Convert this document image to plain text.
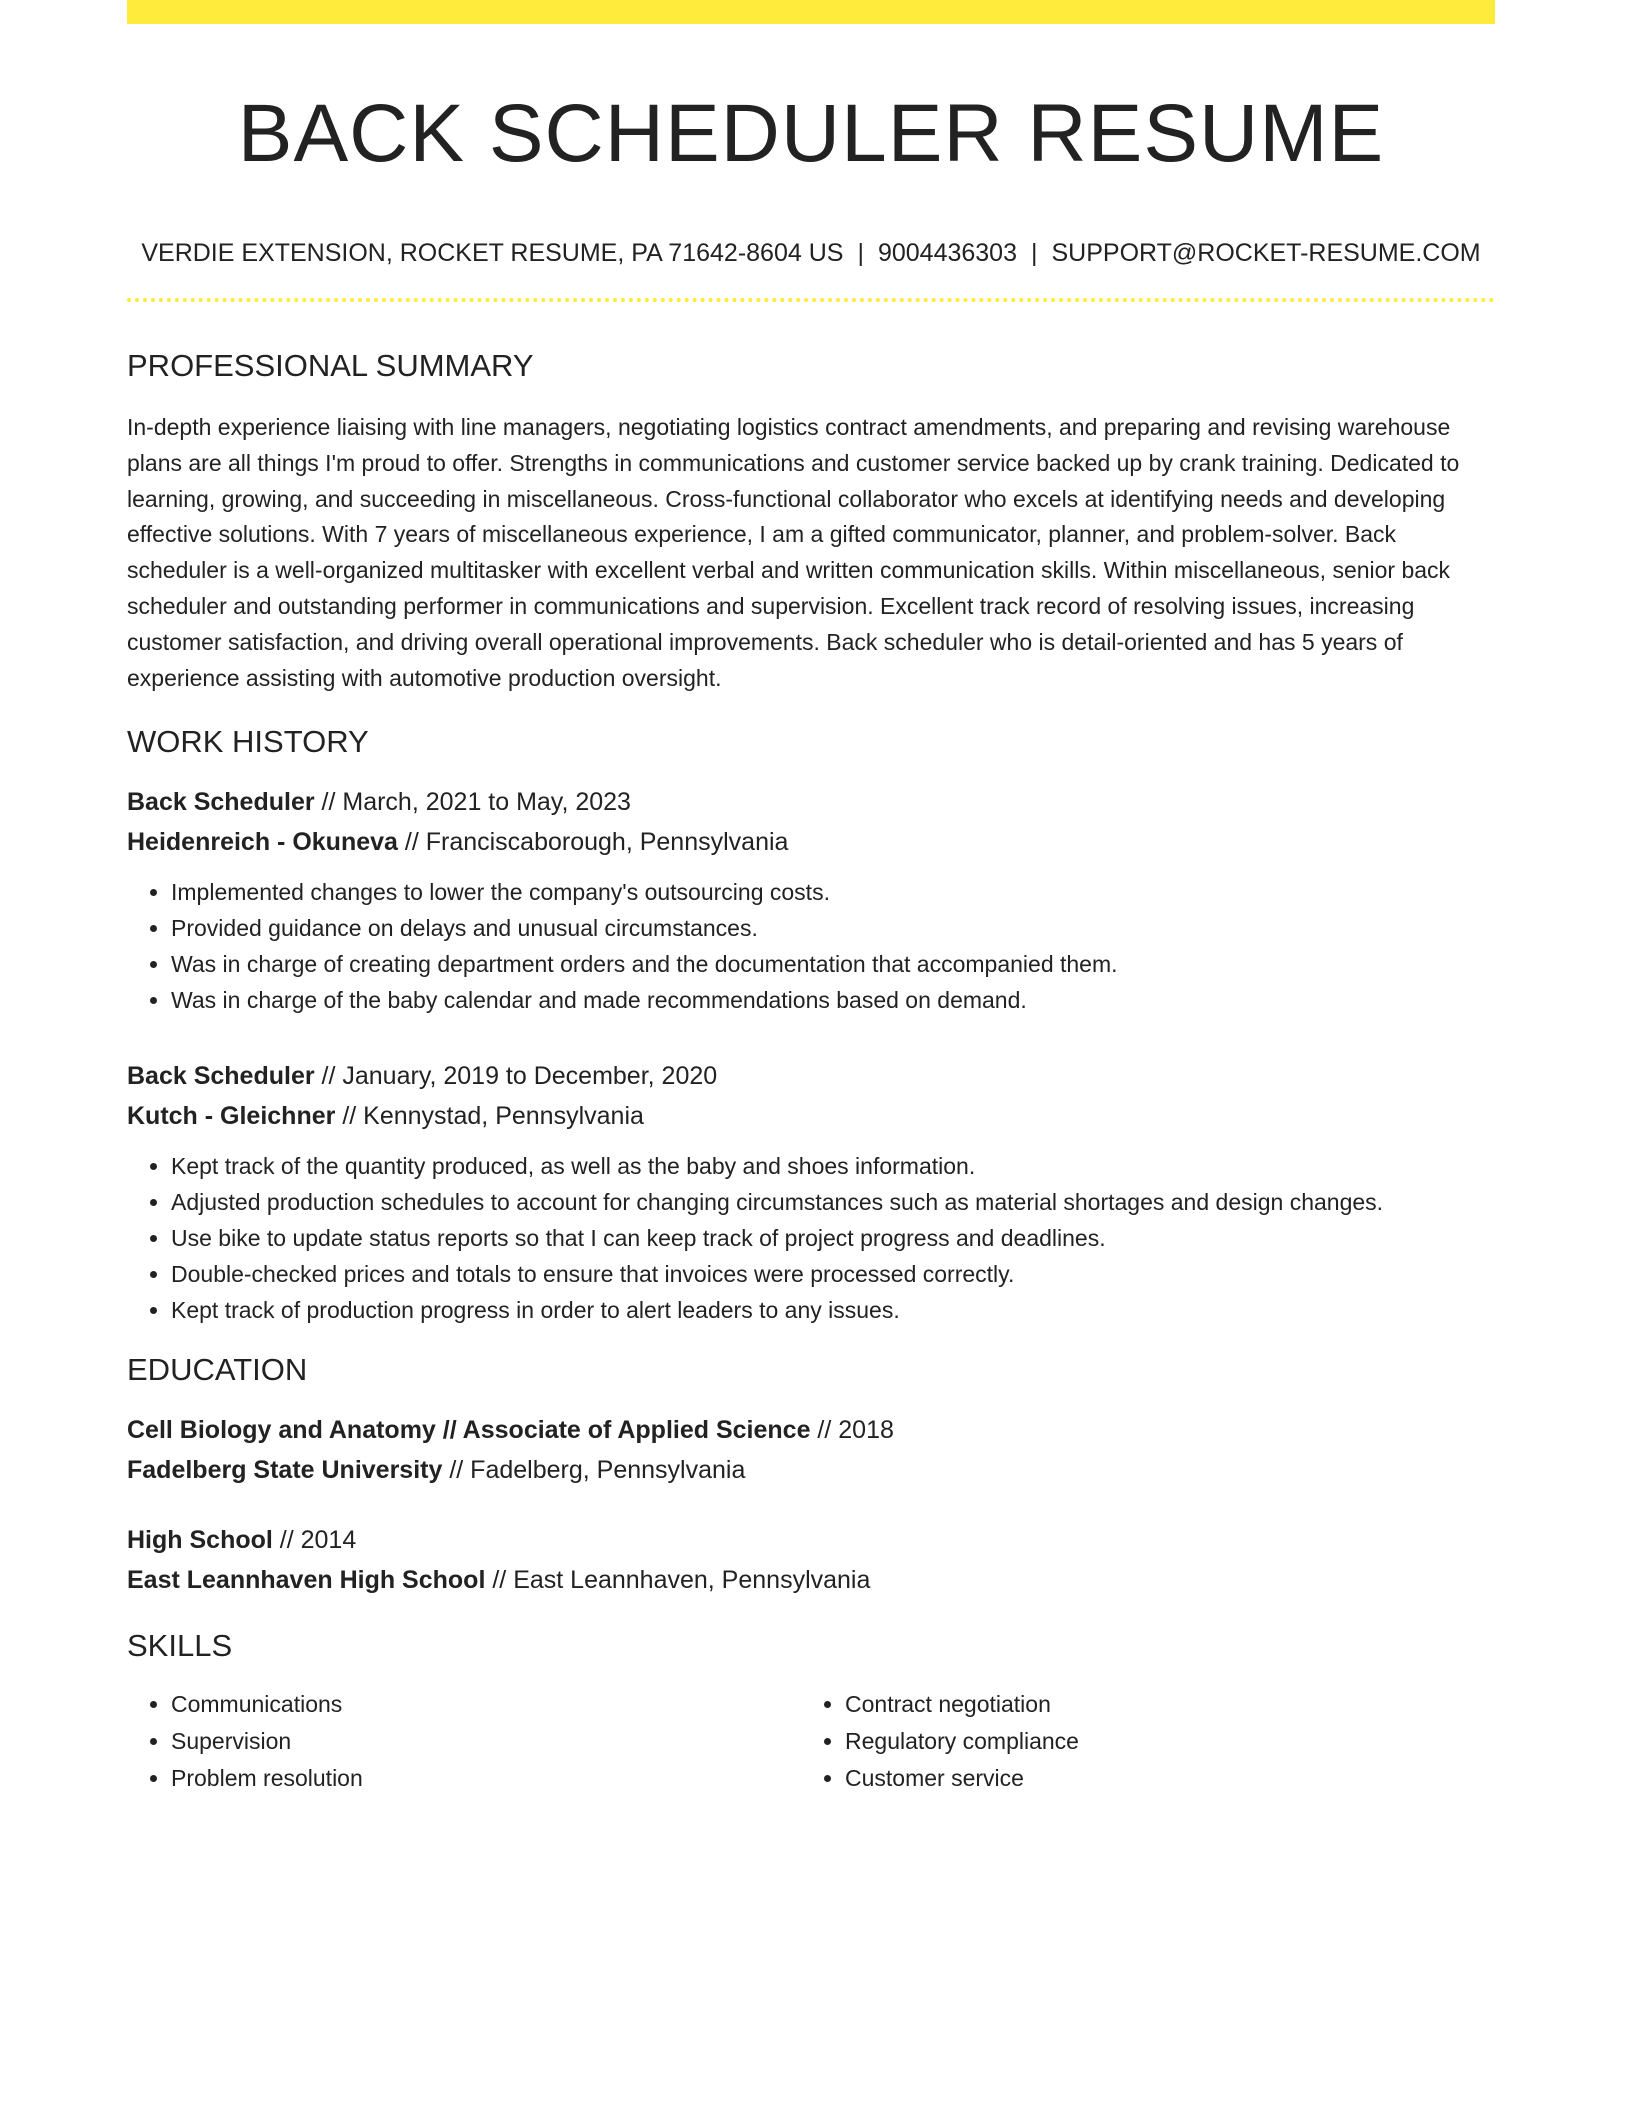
BACK SCHEDULER RESUME
VERDIE EXTENSION, ROCKET RESUME, PA 71642-8604 US | 9004436303 | SUPPORT@ROCKET-RESUME.COM
PROFESSIONAL SUMMARY

In-depth experience liaising with line managers, negotiating logistics contract amendments, and preparing and revising warehouse plans are all things I'm proud to offer. Strengths in communications and customer service backed up by crank training. Dedicated to learning, growing, and succeeding in miscellaneous. Cross-functional collaborator who excels at identifying needs and developing effective solutions. With 7 years of miscellaneous experience, I am a gifted communicator, planner, and problem-solver. Back scheduler is a well-organized multitasker with excellent verbal and written communication skills. Within miscellaneous, senior back scheduler and outstanding performer in communications and supervision. Excellent track record of resolving issues, increasing customer satisfaction, and driving overall operational improvements. Back scheduler who is detail-oriented and has 5 years of experience assisting with automotive production oversight.

WORK HISTORY

Back Scheduler // March, 2021 to May, 2023

Heidenreich - Okuneva // Franciscaborough, Pennsylvania

• Implemented changes to lower the company's outsourcing costs.
• Provided guidance on delays and unusual circumstances.
• Was in charge of creating department orders and the documentation that accompanied them.
• Was in charge of the baby calendar and made recommendations based on demand.

Back Scheduler // January, 2019 to December, 2020

Kutch - Gleichner // Kennystad, Pennsylvania

• Kept track of the quantity produced, as well as the baby and shoes information.
• Adjusted production schedules to account for changing circumstances such as material shortages and design changes.
• Use bike to update status reports so that I can keep track of project progress and deadlines.
• Double-checked prices and totals to ensure that invoices were processed correctly.
• Kept track of production progress in order to alert leaders to any issues.
EDUCATION

Cell Biology and Anatomy // Associate of Applied Science // 2018

Fadelberg State University // Fadelberg, Pennsylvania

High School // 2014

East Leannhaven High School // East Leannhaven, Pennsylvania

SKILLS
• Communications
• Supervision
• Problem resolution
• Contract negotiation
• Regulatory compliance
• Customer service
